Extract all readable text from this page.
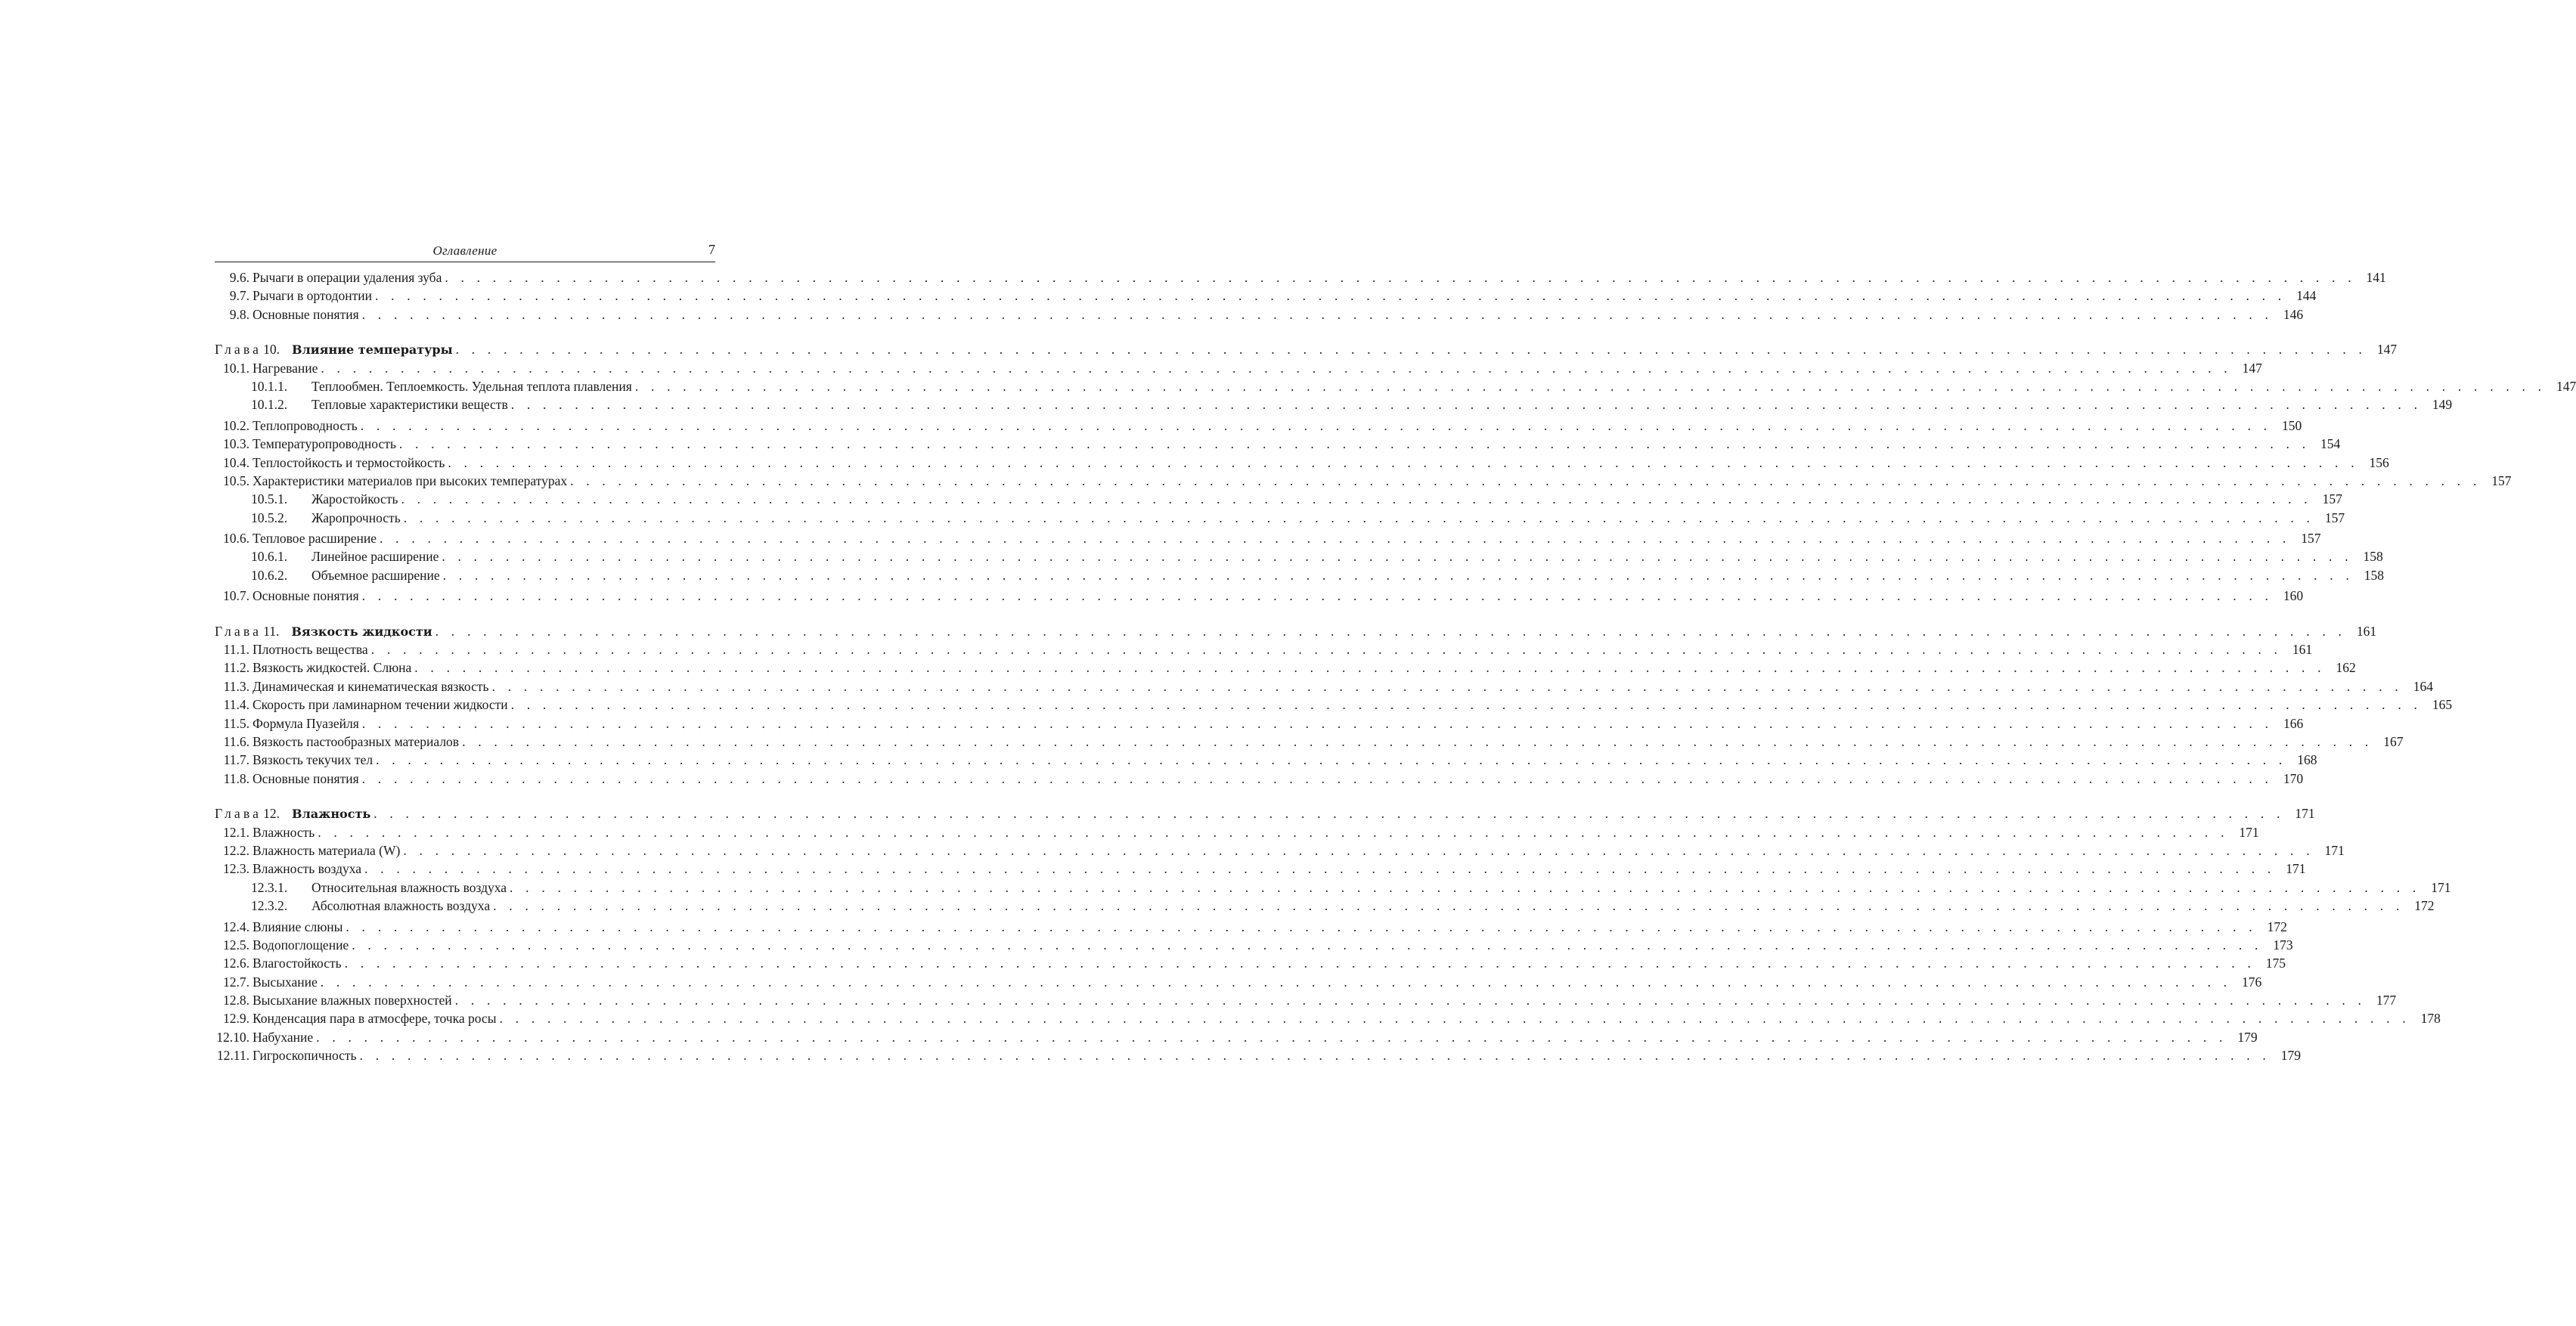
Оглавление	7
9.6. Рычаги в операции удаления зуба . . . . . . . . . . . . . . . . . . . . . . . . . . . . . . . . . . . . . . . . . . . . . . . . . . . . . . . . . . . . . . . . . . . . . . . . . . . . . . . . . . . . . . . . . . . . . . . . . . . . . . . . . . . . . . . . . . . . . . . . 141
9.7. Рычаги в ортодонтии . . . . . . . . . . . . . . . . . . . . . . . . . . . . . . . . . . . . . . . . . . . . . . . . . . . . . . . . . . . . . . . . . . . . . . . . . . . . . . . . . . . . . . . . . . . . . . . . . . . . . . . . . . . . . . . . . . . . . . . . 144
9.8. Основные понятия . . . . . . . . . . . . . . . . . . . . . . . . . . . . . . . . . . . . . . . . . . . . . . . . . . . . . . . . . . . . . . . . . . . . . . . . . . . . . . . . . . . . . . . . . . . . . . . . . . . . . . . . . . . . . . . . . . . . . . . . 146
Глава 10.	Влияние температуры . . . . . . . . . . . . . . . . . . . . . . . . . . . . . . . . . . . . . . . . . . . . . . . . . . . . . . . . . . . . . . . . . . . . . . . . . . . . . . . . . . . . . . . . . . . . . . . . . . . . . . . . . . . . . . . . . . . . . . . . 147
10.1. Нагревание . . . . . . . . . . . . . . . . . . . . . . . . . . . . . . . . . . . . . . . . . . . . . . . . . . . . . . . . . . . . . . . . . . . . . . . . . . . . . . . . . . . . . . . . . . . . . . . . . . . . . . . . . . . . . . . . . . . . . . . . 147
10.1.1.	Теплообмен. Теплоемкость. Удельная теплота плавления . . . . . . . . . . . . . . . . . . . . . . . . . . . . . . . . . . . . . . . . . . . . . . . . . . . . . . . . . . . . . . . . . . . . . . . . . . . . . . . . . . . . . . . . . . . . . . . . . . . . . . . . . . . . . . . . . . . . . . . . 147
10.1.2.	Тепловые характеристики веществ . . . . . . . . . . . . . . . . . . . . . . . . . . . . . . . . . . . . . . . . . . . . . . . . . . . . . . . . . . . . . . . . . . . . . . . . . . . . . . . . . . . . . . . . . . . . . . . . . . . . . . . . . . . . . . . . . . . . . . . . 149
10.2. Теплопроводность . . . . . . . . . . . . . . . . . . . . . . . . . . . . . . . . . . . . . . . . . . . . . . . . . . . . . . . . . . . . . . . . . . . . . . . . . . . . . . . . . . . . . . . . . . . . . . . . . . . . . . . . . . . . . . . . . . . . . . . . 150
10.3. Температуропроводность . . . . . . . . . . . . . . . . . . . . . . . . . . . . . . . . . . . . . . . . . . . . . . . . . . . . . . . . . . . . . . . . . . . . . . . . . . . . . . . . . . . . . . . . . . . . . . . . . . . . . . . . . . . . . . . . . . . . . . . . 154
10.4. Теплостойкость и термостойкость . . . . . . . . . . . . . . . . . . . . . . . . . . . . . . . . . . . . . . . . . . . . . . . . . . . . . . . . . . . . . . . . . . . . . . . . . . . . . . . . . . . . . . . . . . . . . . . . . . . . . . . . . . . . . . . . . . . . . . . . 156
10.5. Характеристики материалов при высоких температурах . . . . . . . . . . . . . . . . . . . . . . . . . . . . . . . . . . . . . . . . . . . . . . . . . . . . . . . . . . . . . . . . . . . . . . . . . . . . . . . . . . . . . . . . . . . . . . . . . . . . . . . . . . . . . . . . . . . . . . . . 157
10.5.1.	Жаростойкость . . . . . . . . . . . . . . . . . . . . . . . . . . . . . . . . . . . . . . . . . . . . . . . . . . . . . . . . . . . . . . . . . . . . . . . . . . . . . . . . . . . . . . . . . . . . . . . . . . . . . . . . . . . . . . . . . . . . . . . . 157
10.5.2.	Жаропрочность . . . . . . . . . . . . . . . . . . . . . . . . . . . . . . . . . . . . . . . . . . . . . . . . . . . . . . . . . . . . . . . . . . . . . . . . . . . . . . . . . . . . . . . . . . . . . . . . . . . . . . . . . . . . . . . . . . . . . . . . 157
10.6. Тепловое расширение . . . . . . . . . . . . . . . . . . . . . . . . . . . . . . . . . . . . . . . . . . . . . . . . . . . . . . . . . . . . . . . . . . . . . . . . . . . . . . . . . . . . . . . . . . . . . . . . . . . . . . . . . . . . . . . . . . . . . . . . 157
10.6.1.	Линейное расширение . . . . . . . . . . . . . . . . . . . . . . . . . . . . . . . . . . . . . . . . . . . . . . . . . . . . . . . . . . . . . . . . . . . . . . . . . . . . . . . . . . . . . . . . . . . . . . . . . . . . . . . . . . . . . . . . . . . . . . . . 158
10.6.2.	Объемное расширение . . . . . . . . . . . . . . . . . . . . . . . . . . . . . . . . . . . . . . . . . . . . . . . . . . . . . . . . . . . . . . . . . . . . . . . . . . . . . . . . . . . . . . . . . . . . . . . . . . . . . . . . . . . . . . . . . . . . . . . . 158
10.7. Основные понятия . . . . . . . . . . . . . . . . . . . . . . . . . . . . . . . . . . . . . . . . . . . . . . . . . . . . . . . . . . . . . . . . . . . . . . . . . . . . . . . . . . . . . . . . . . . . . . . . . . . . . . . . . . . . . . . . . . . . . . . . 160
Глава 11.	Вязкость жидкости . . . . . . . . . . . . . . . . . . . . . . . . . . . . . . . . . . . . . . . . . . . . . . . . . . . . . . . . . . . . . . . . . . . . . . . . . . . . . . . . . . . . . . . . . . . . . . . . . . . . . . . . . . . . . . . . . . . . . . . . 161
11.1. Плотность вещества . . . . . . . . . . . . . . . . . . . . . . . . . . . . . . . . . . . . . . . . . . . . . . . . . . . . . . . . . . . . . . . . . . . . . . . . . . . . . . . . . . . . . . . . . . . . . . . . . . . . . . . . . . . . . . . . . . . . . . . . 161
11.2. Вязкость жидкостей. Слюна . . . . . . . . . . . . . . . . . . . . . . . . . . . . . . . . . . . . . . . . . . . . . . . . . . . . . . . . . . . . . . . . . . . . . . . . . . . . . . . . . . . . . . . . . . . . . . . . . . . . . . . . . . . . . . . . . . . . . . . . 162
11.3. Динамическая и кинематическая вязкость . . . . . . . . . . . . . . . . . . . . . . . . . . . . . . . . . . . . . . . . . . . . . . . . . . . . . . . . . . . . . . . . . . . . . . . . . . . . . . . . . . . . . . . . . . . . . . . . . . . . . . . . . . . . . . . . . . . . . . . . 164
11.4. Скорость при ламинарном течении жидкости . . . . . . . . . . . . . . . . . . . . . . . . . . . . . . . . . . . . . . . . . . . . . . . . . . . . . . . . . . . . . . . . . . . . . . . . . . . . . . . . . . . . . . . . . . . . . . . . . . . . . . . . . . . . . . . . . . . . . . . . 165
11.5. Формула Пуазейля . . . . . . . . . . . . . . . . . . . . . . . . . . . . . . . . . . . . . . . . . . . . . . . . . . . . . . . . . . . . . . . . . . . . . . . . . . . . . . . . . . . . . . . . . . . . . . . . . . . . . . . . . . . . . . . . . . . . . . . . 166
11.6. Вязкость пастообразных материалов . . . . . . . . . . . . . . . . . . . . . . . . . . . . . . . . . . . . . . . . . . . . . . . . . . . . . . . . . . . . . . . . . . . . . . . . . . . . . . . . . . . . . . . . . . . . . . . . . . . . . . . . . . . . . . . . . . . . . . . . 167
11.7. Вязкость текучих тел . . . . . . . . . . . . . . . . . . . . . . . . . . . . . . . . . . . . . . . . . . . . . . . . . . . . . . . . . . . . . . . . . . . . . . . . . . . . . . . . . . . . . . . . . . . . . . . . . . . . . . . . . . . . . . . . . . . . . . . . 168
11.8. Основные понятия . . . . . . . . . . . . . . . . . . . . . . . . . . . . . . . . . . . . . . . . . . . . . . . . . . . . . . . . . . . . . . . . . . . . . . . . . . . . . . . . . . . . . . . . . . . . . . . . . . . . . . . . . . . . . . . . . . . . . . . . 170
Глава 12.	Влажность . . . . . . . . . . . . . . . . . . . . . . . . . . . . . . . . . . . . . . . . . . . . . . . . . . . . . . . . . . . . . . . . . . . . . . . . . . . . . . . . . . . . . . . . . . . . . . . . . . . . . . . . . . . . . . . . . . . . . . . . 171
12.1. Влажность . . . . . . . . . . . . . . . . . . . . . . . . . . . . . . . . . . . . . . . . . . . . . . . . . . . . . . . . . . . . . . . . . . . . . . . . . . . . . . . . . . . . . . . . . . . . . . . . . . . . . . . . . . . . . . . . . . . . . . . . 171
12.2. Влажность материала (W) . . . . . . . . . . . . . . . . . . . . . . . . . . . . . . . . . . . . . . . . . . . . . . . . . . . . . . . . . . . . . . . . . . . . . . . . . . . . . . . . . . . . . . . . . . . . . . . . . . . . . . . . . . . . . . . . . . . . . . . . 171
12.3. Влажность воздуха . . . . . . . . . . . . . . . . . . . . . . . . . . . . . . . . . . . . . . . . . . . . . . . . . . . . . . . . . . . . . . . . . . . . . . . . . . . . . . . . . . . . . . . . . . . . . . . . . . . . . . . . . . . . . . . . . . . . . . . . 171
12.3.1.	Относительная влажность воздуха . . . . . . . . . . . . . . . . . . . . . . . . . . . . . . . . . . . . . . . . . . . . . . . . . . . . . . . . . . . . . . . . . . . . . . . . . . . . . . . . . . . . . . . . . . . . . . . . . . . . . . . . . . . . . . . . . . . . . . . . 171
12.3.2.	Абсолютная влажность воздуха . . . . . . . . . . . . . . . . . . . . . . . . . . . . . . . . . . . . . . . . . . . . . . . . . . . . . . . . . . . . . . . . . . . . . . . . . . . . . . . . . . . . . . . . . . . . . . . . . . . . . . . . . . . . . . . . . . . . . . . . 172
12.4. Влияние слюны . . . . . . . . . . . . . . . . . . . . . . . . . . . . . . . . . . . . . . . . . . . . . . . . . . . . . . . . . . . . . . . . . . . . . . . . . . . . . . . . . . . . . . . . . . . . . . . . . . . . . . . . . . . . . . . . . . . . . . . . 172
12.5. Водопоглощение . . . . . . . . . . . . . . . . . . . . . . . . . . . . . . . . . . . . . . . . . . . . . . . . . . . . . . . . . . . . . . . . . . . . . . . . . . . . . . . . . . . . . . . . . . . . . . . . . . . . . . . . . . . . . . . . . . . . . . . . 173
12.6. Влагостойкость . . . . . . . . . . . . . . . . . . . . . . . . . . . . . . . . . . . . . . . . . . . . . . . . . . . . . . . . . . . . . . . . . . . . . . . . . . . . . . . . . . . . . . . . . . . . . . . . . . . . . . . . . . . . . . . . . . . . . . . . 175
12.7. Высыхание . . . . . . . . . . . . . . . . . . . . . . . . . . . . . . . . . . . . . . . . . . . . . . . . . . . . . . . . . . . . . . . . . . . . . . . . . . . . . . . . . . . . . . . . . . . . . . . . . . . . . . . . . . . . . . . . . . . . . . . . 176
12.8. Высыхание влажных поверхностей . . . . . . . . . . . . . . . . . . . . . . . . . . . . . . . . . . . . . . . . . . . . . . . . . . . . . . . . . . . . . . . . . . . . . . . . . . . . . . . . . . . . . . . . . . . . . . . . . . . . . . . . . . . . . . . . . . . . . . . . 177
12.9. Конденсация пара в атмосфере, точка росы . . . . . . . . . . . . . . . . . . . . . . . . . . . . . . . . . . . . . . . . . . . . . . . . . . . . . . . . . . . . . . . . . . . . . . . . . . . . . . . . . . . . . . . . . . . . . . . . . . . . . . . . . . . . . . . . . . . . . . . . 178
12.10. Набухание . . . . . . . . . . . . . . . . . . . . . . . . . . . . . . . . . . . . . . . . . . . . . . . . . . . . . . . . . . . . . . . . . . . . . . . . . . . . . . . . . . . . . . . . . . . . . . . . . . . . . . . . . . . . . . . . . . . . . . . . 179
12.11. Гигроскопичность . . . . . . . . . . . . . . . . . . . . . . . . . . . . . . . . . . . . . . . . . . . . . . . . . . . . . . . . . . . . . . . . . . . . . . . . . . . . . . . . . . . . . . . . . . . . . . . . . . . . . . . . . . . . . . . . . . . . . . . . 179
